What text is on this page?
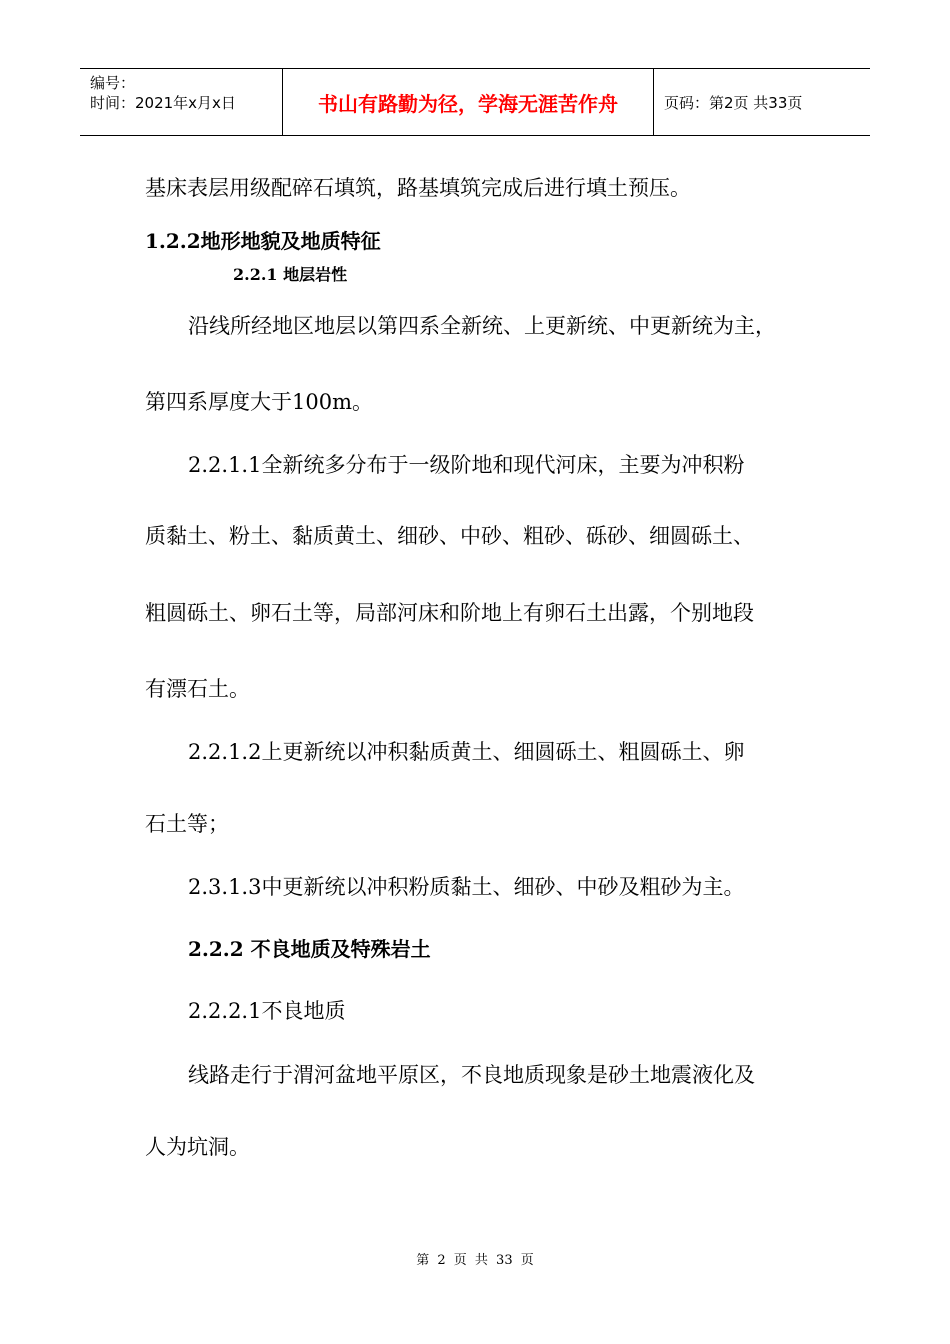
编号：
时间：2021年x月x日	书山有路勤为径，学海无涯苦作舟	页码：第2页 共33页
基床表层用级配碎石填筑，路基填筑完成后进行填土预压。
1.2.2地形地貌及地质特征
2.2.1 地层岩性
沿线所经地区地层以第四系全新统、上更新统、中更新统为主，
第四系厚度大于100m。
2.2.1.1全新统多分布于一级阶地和现代河床，主要为冲积粉
质黏土、粉土、黏质黄土、细砂、中砂、粗砂、砾砂、细圆砾土、
粗圆砾土、卵石土等，局部河床和阶地上有卵石土出露，个别地段
有漂石土。
2.2.1.2上更新统以冲积黏质黄土、细圆砾土、粗圆砾土、卵
石土等；
2.3.1.3中更新统以冲积粉质黏土、细砂、中砂及粗砂为主。
2.2.2 不良地质及特殊岩土
2.2.2.1不良地质
线路走行于渭河盆地平原区，不良地质现象是砂土地震液化及
人为坑洞。
第 2 页 共 33 页
